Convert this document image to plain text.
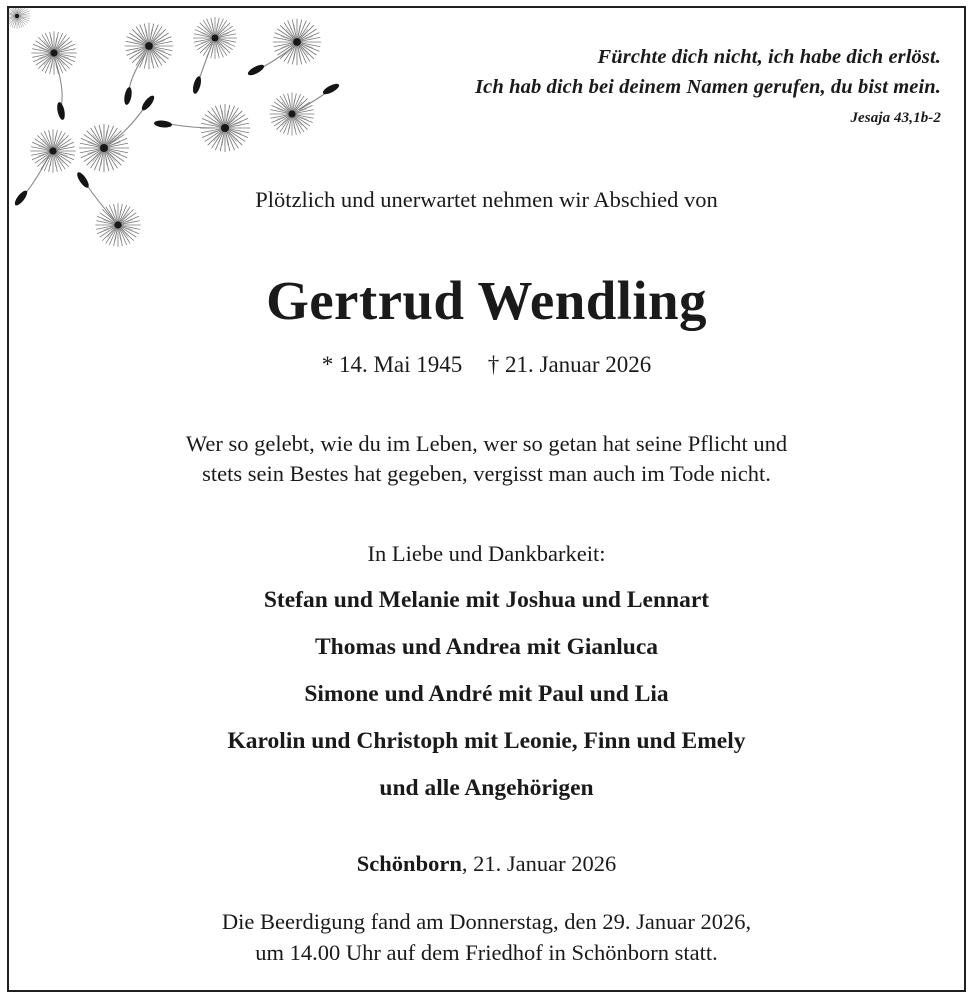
Fürchte dich nicht, ich habe dich erlöst.
Ich hab dich bei deinem Namen gerufen, du bist mein.
Jesaja 43,1b-2
Plötzlich und unerwartet nehmen wir Abschied von
Gertrud Wendling
* 14. Mai 1945 † 21. Januar 2026
Wer so gelebt, wie du im Leben, wer so getan hat seine Pflicht und
stets sein Bestes hat gegeben, vergisst man auch im Tode nicht.
In Liebe und Dankbarkeit:
Stefan und Melanie mit Joshua und Lennart
Thomas und Andrea mit Gianluca
Simone und André mit Paul und Lia
Karolin und Christoph mit Leonie, Finn und Emely
und alle Angehörigen
Schönborn, 21. Januar 2026
Die Beerdigung fand am Donnerstag, den 29. Januar 2026,
um 14.00 Uhr auf dem Friedhof in Schönborn statt.
